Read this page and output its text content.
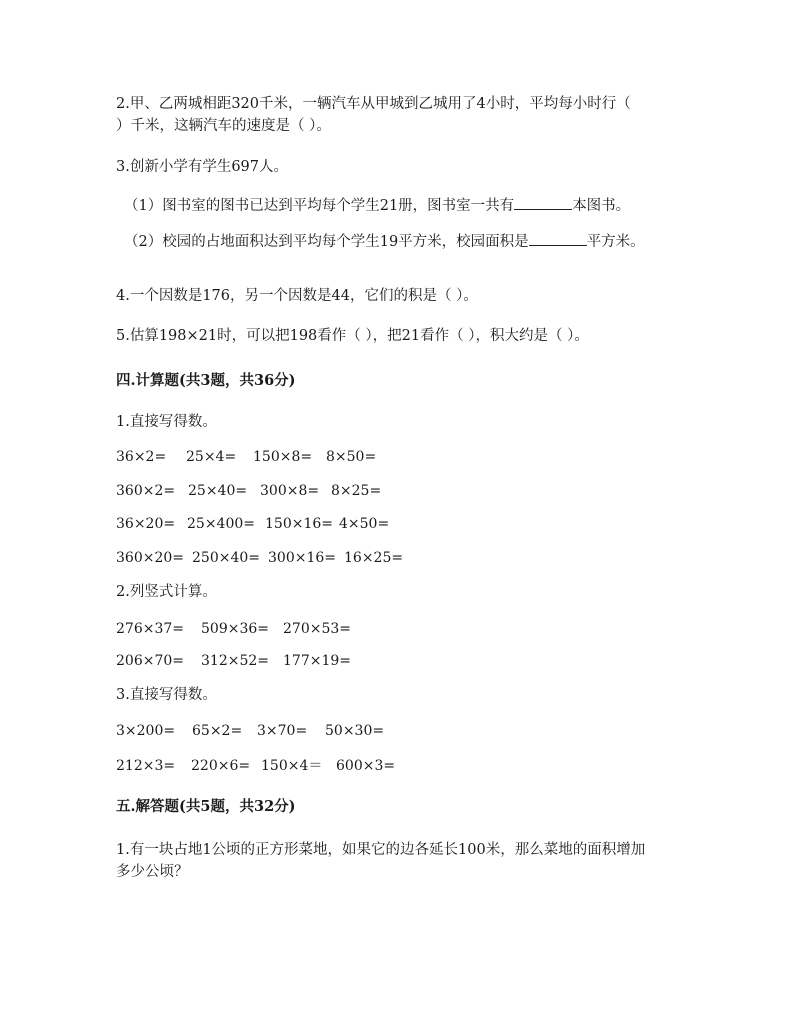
2.甲、乙两城相距320千米，一辆汽车从甲城到乙城用了4小时，平均每小时行（
）千米，这辆汽车的速度是（ ）。
3.创新小学有学生697人。
（1）图书室的图书已达到平均每个学生21册，图书室一共有	本图书。
（2）校园的占地面积达到平均每个学生19平方米，校园面积是	平方米。
4.一个因数是176，另一个因数是44，它们的积是（ ）。
5.估算198×21时，可以把198看作（ ），把21看作（ ），积大约是（ ）。
四.计算题(共3题，共36分)
1.直接写得数。
36×2= 25×4= 150×8= 8×50=
360×2= 25×40= 300×8= 8×25=
36×20= 25×400= 150×16= 4×50=
360×20= 250×40= 300×16= 16×25=
2.列竖式计算。
276×37= 509×36= 270×53=
206×70= 312×52= 177×19=
3.直接写得数。
3×200= 65×2= 3×70= 50×30=
212×3= 220×6= 150×4＝ 600×3=
五.解答题(共5题，共32分)
1.有一块占地1公顷的正方形菜地，如果它的边各延长100米，那么菜地的面积增加
多少公顷？
